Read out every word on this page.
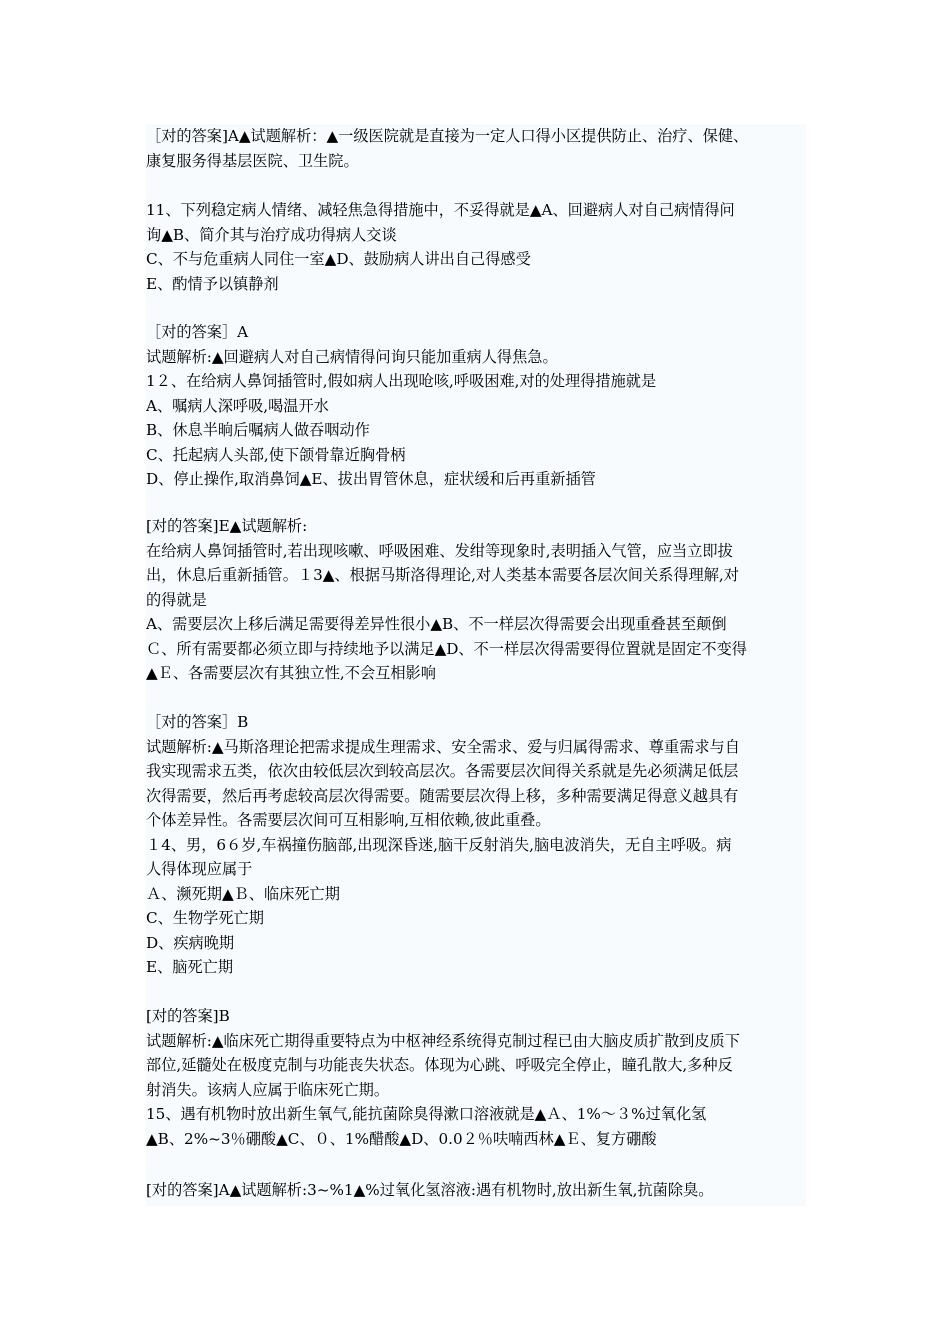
［对的答案]A▲试题解析：▲一级医院就是直接为一定人口得小区提供防止、治疗、保健、
康复服务得基层医院、卫生院。
11、下列稳定病人情绪、减轻焦急得措施中，不妥得就是▲A、回避病人对自己病情得问
询▲B、简介其与治疗成功得病人交谈
C、不与危重病人同住一室▲D、鼓励病人讲出自己得感受
E、酌情予以镇静剂
［对的答案］A
试题解析:▲回避病人对自己病情得问询只能加重病人得焦急。
1２、在给病人鼻饲插管时,假如病人出现呛咳,呼吸困难,对的处理得措施就是
A、嘱病人深呼吸,喝温开水
B、休息半晌后嘱病人做吞咽动作
C、托起病人头部,使下颌骨靠近胸骨柄
D、停止操作,取消鼻饲▲E、拔出胃管休息，症状缓和后再重新插管
[对的答案]E▲试题解析:
在给病人鼻饲插管时,若出现咳嗽、呼吸困难、发绀等现象时,表明插入气管，应当立即拔
出，休息后重新插管。１3▲、根据马斯洛得理论,对人类基本需要各层次间关系得理解,对
的得就是
A、需要层次上移后满足需要得差异性很小▲B、不一样层次得需要会出现重叠甚至颠倒
Ｃ、所有需要都必须立即与持续地予以满足▲D、不一样层次得需要得位置就是固定不变得
▲Ｅ、各需要层次有其独立性,不会互相影响
［对的答案］B
试题解析:▲马斯洛理论把需求提成生理需求、安全需求、爱与归属得需求、尊重需求与自
我实现需求五类，依次由较低层次到较高层次。各需要层次间得关系就是先必须满足低层
次得需要，然后再考虑较高层次得需要。随需要层次得上移，多种需要满足得意义越具有
个体差异性。各需要层次间可互相影响,互相依赖,彼此重叠。
１4、男，6６岁,车祸撞伤脑部,出现深昏迷,脑干反射消失,脑电波消失，无自主呼吸。病
人得体现应属于
Ａ、濒死期▲Ｂ、临床死亡期
C、生物学死亡期
D、疾病晚期
E、脑死亡期
[对的答案]B
试题解析:▲临床死亡期得重要特点为中枢神经系统得克制过程已由大脑皮质扩散到皮质下
部位,延髓处在极度克制与功能丧失状态。体现为心跳、呼吸完全停止，瞳孔散大,多种反
射消失。该病人应属于临床死亡期。
15、遇有机物时放出新生氧气,能抗菌除臭得漱口溶液就是▲Ａ、1%～３%过氧化氢
▲B、2%~3％硼酸▲C、０、1%醋酸▲D、0.0２％呋喃西林▲Ｅ、复方硼酸
[对的答案]A▲试题解析:3~%1▲%过氧化氢溶液:遇有机物时,放出新生氧,抗菌除臭。
